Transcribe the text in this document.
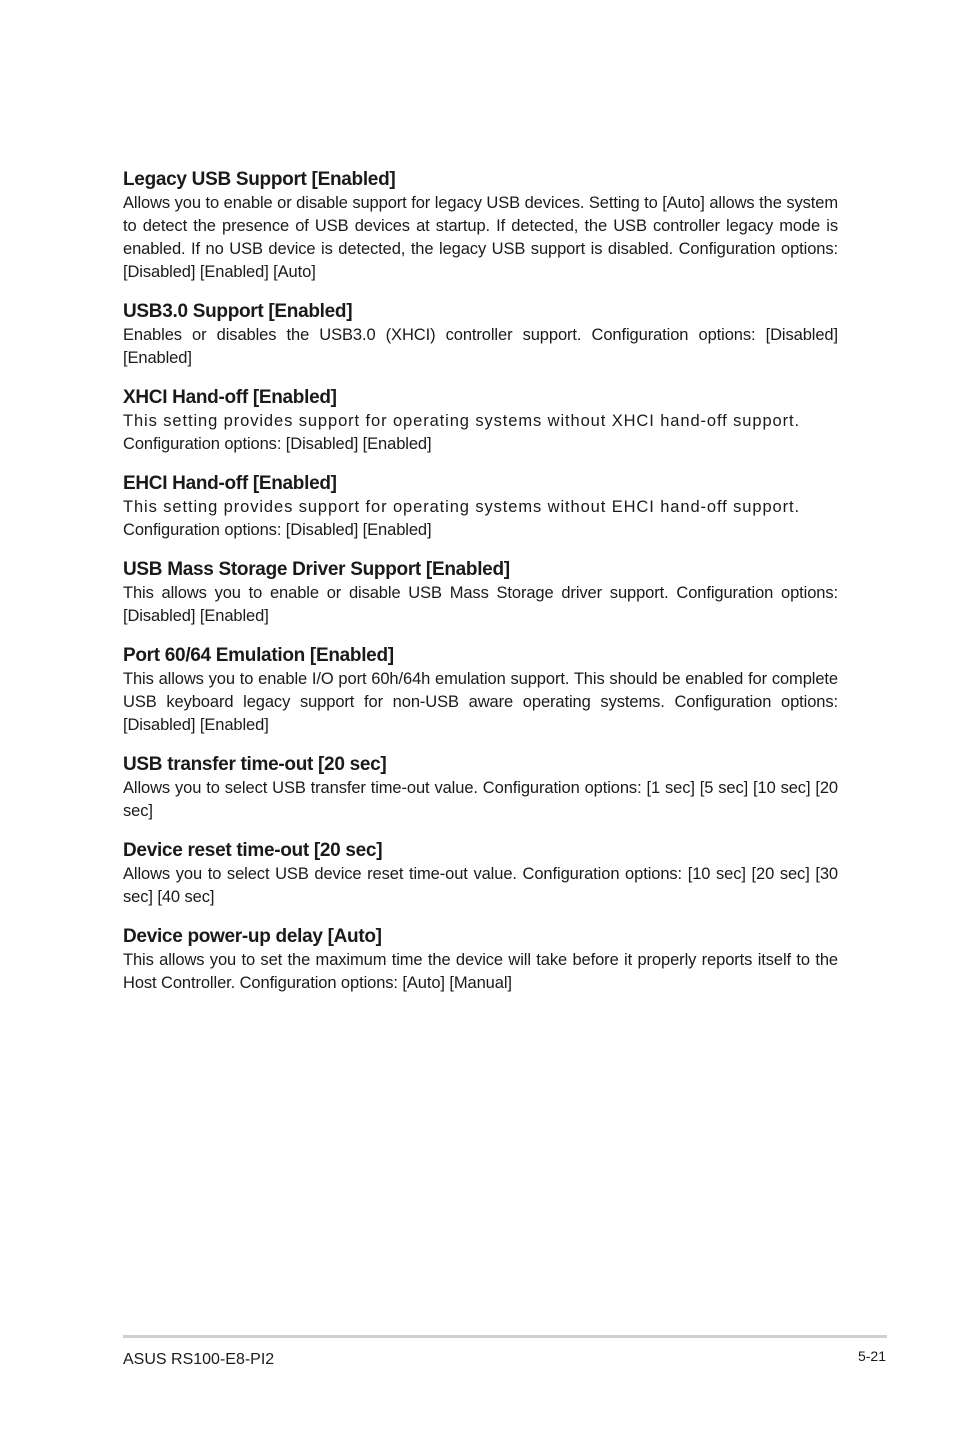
Legacy USB Support [Enabled]

Allows you to enable or disable support for legacy USB devices. Setting to [Auto] allows the system to detect the presence of USB devices at startup. If detected, the USB controller legacy mode is enabled. If no USB device is detected, the legacy USB support is disabled. Configuration options: [Disabled] [Enabled] [Auto]

USB3.0 Support [Enabled]

Enables or disables the USB3.0 (XHCI) controller support. Configuration options: [Disabled] [Enabled]

XHCI Hand-off [Enabled]

This setting provides support for operating systems without XHCI hand-off support.

Configuration options: [Disabled] [Enabled]

EHCI Hand-off [Enabled]

This setting provides support for operating systems without EHCI hand-off support.

Configuration options: [Disabled] [Enabled]

USB Mass Storage Driver Support [Enabled]

This allows you to enable or disable USB Mass Storage driver support. Configuration options: [Disabled] [Enabled]

Port 60/64 Emulation [Enabled]

This allows you to enable I/O port 60h/64h emulation support. This should be enabled for complete USB keyboard legacy support for non-USB aware operating systems. Configuration options: [Disabled] [Enabled]

USB transfer time-out [20 sec]

Allows you to select USB transfer time-out value. Configuration options: [1 sec] [5 sec] [10 sec] [20 sec]

Device reset time-out [20 sec]

Allows you to select USB device reset time-out value. Configuration options: [10 sec] [20 sec] [30 sec] [40 sec]

Device power-up delay [Auto]

This allows you to set the maximum time the device will take before it properly reports itself to the Host Controller. Configuration options: [Auto] [Manual]

ASUS RS100-E8-PI2	5-21
